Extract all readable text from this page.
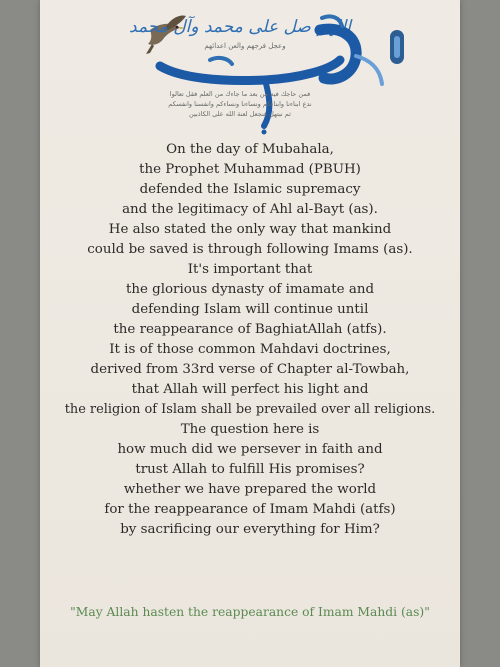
اللهم صل على محمد وآل محمد
وعجل فرجهم والعن اعدائهم
فمن حاجك فيه من بعد ما جاءك من العلم فقل تعالوا
ندع ابناءنا وابناءكم ونساءنا ونساءكم وانفسنا وانفسكم
ثم نبتهل فنجعل لعنة الله على الكاذبين
On the day of Mubahala,
the Prophet Muhammad (PBUH)
defended the Islamic supremacy
and the legitimacy of Ahl al-Bayt (as).
He also stated the only way that mankind
could be saved is through following Imams (as).
It's important that
the glorious dynasty of imamate and
defending Islam will continue until
the reappearance of BaghiatAllah (atfs).
It is of those common Mahdavi doctrines,
derived from 33rd verse of Chapter al-Towbah,
that Allah will perfect his light and
the religion of Islam shall be prevailed over all religions.
The question here is
how much did we persever in faith and
trust Allah to fulfill His promises?
whether we have prepared the world
for the reappearance of Imam Mahdi (atfs)
by sacrificing our everything for Him?
"May Allah hasten the reappearance of Imam Mahdi (as)"
